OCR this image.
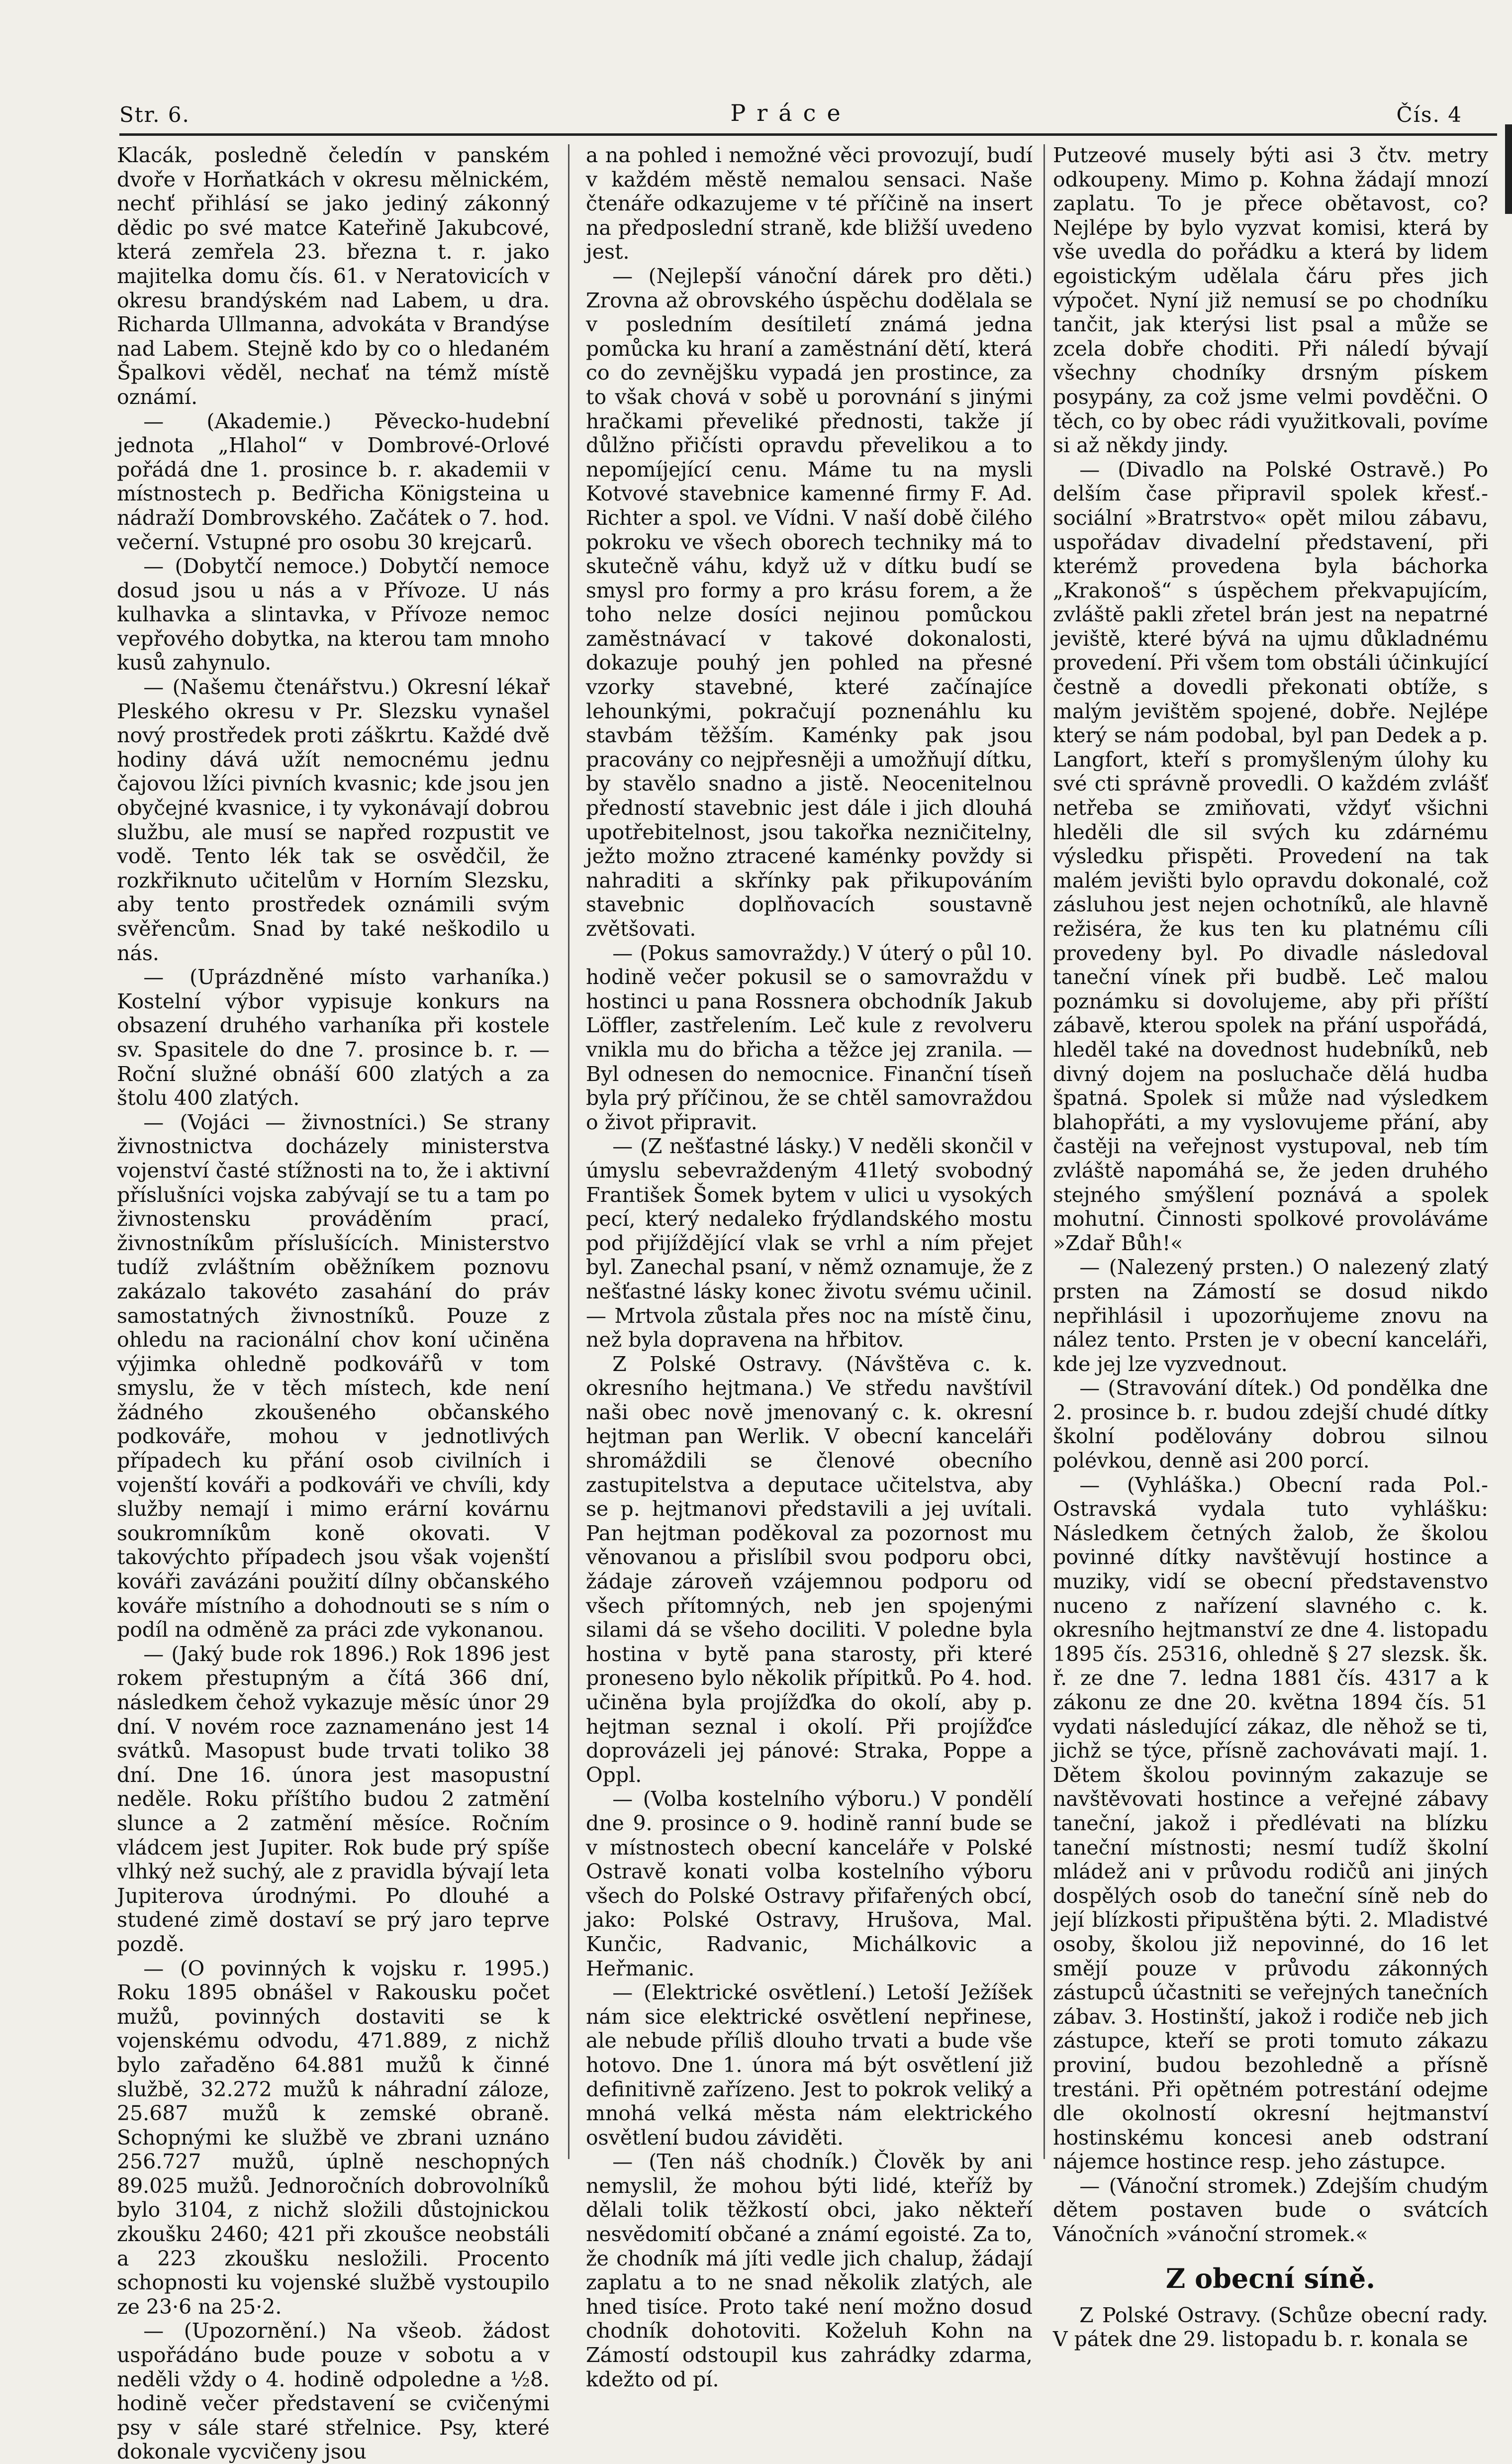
Str. 6.	Práce	Čís. 4

Klacák, posledně čeledín v panském dvoře v Horňatkách v okresu mělnickém, nechť přihlásí se jako jediný zákonný dědic po své matce Kateřině Jakubcové, která zemřela 23. března t. r. jako majitelka domu čís. 61. v Neratovicích v okresu brandýském nad Labem, u dra. Richarda Ullmanna, advokáta v Brandýse nad Labem. Stejně kdo by co o hledaném Špalkovi věděl, nechať na témž místě oznámí.

— (Akademie.) Pěvecko-hudební jednota „Hlahol“ v Dombrové-Orlové pořádá dne 1. prosince b. r. akademii v místnostech p. Bedřicha Königsteina u nádraží Dombrovského. Začátek o 7. hod. večerní. Vstupné pro osobu 30 krejcarů.

— (Dobytčí nemoce.) Dobytčí nemoce dosud jsou u nás a v Přívoze. U nás kulhavka a slintavka, v Přívoze nemoc vepřového dobytka, na kterou tam mnoho kusů zahynulo.

— (Našemu čtenářstvu.) Okresní lékař Pleského okresu v Pr. Slezsku vynašel nový prostředek proti záškrtu. Každé dvě hodiny dává užít nemocnému jednu čajovou lžíci pivních kvasnic; kde jsou jen obyčejné kvasnice, i ty vykonávají dobrou službu, ale musí se napřed rozpustit ve vodě. Tento lék tak se osvědčil, že rozkřiknuto učitelům v Horním Slezsku, aby tento prostředek oznámili svým svěřencům. Snad by také neškodilo u nás.

— (Uprázdněné místo varhaníka.) Kostelní výbor vypisuje konkurs na obsazení druhého varhaníka při kostele sv. Spasitele do dne 7. prosince b. r. — Roční služné obnáší 600 zlatých a za štolu 400 zlatých.

— (Vojáci — živnostníci.) Se strany živnostnictva docházely ministerstva vojenství časté stížnosti na to, že i aktivní příslušníci vojska zabývají se tu a tam po živnostensku prováděním prací, živnostníkům příslušících. Ministerstvo tudíž zvláštním oběžníkem poznovu zakázalo takovéto zasahání do práv samostatných živnostníků. Pouze z ohledu na racionální chov koní učiněna výjimka ohledně podkovářů v tom smyslu, že v těch místech, kde není žádného zkoušeného občanského podkováře, mohou v jednotlivých případech ku přání osob civilních i vojenští kováři a podkováři ve chvíli, kdy služby nemají i mimo erární kovárnu soukromníkům koně okovati. V takovýchto případech jsou však vojenští kováři zavázáni použití dílny občanského kováře místního a dohodnouti se s ním o podíl na odměně za práci zde vykonanou.

— (Jaký bude rok 1896.) Rok 1896 jest rokem přestupným a čítá 366 dní, následkem čehož vykazuje měsíc únor 29 dní. V novém roce zaznamenáno jest 14 svátků. Masopust bude trvati toliko 38 dní. Dne 16. února jest masopustní neděle. Roku příštího budou 2 zatmění slunce a 2 zatmění měsíce. Ročním vládcem jest Jupiter. Rok bude prý spíše vlhký než suchý, ale z pravidla bývají leta Jupiterova úrodnými. Po dlouhé a studené zimě dostaví se prý jaro teprve pozdě.

— (O povinných k vojsku r. 1995.) Roku 1895 obnášel v Rakousku počet mužů, povinných dostaviti se k vojenskému odvodu, 471.889, z nichž bylo zařaděno 64.881 mužů k činné službě, 32.272 mužů k náhradní záloze, 25.687 mužů k zemské obraně. Schopnými ke službě ve zbrani uznáno 256.727 mužů, úplně neschopných 89.025 mužů. Jednoročních dobrovolníků bylo 3104, z nichž složili důstojnickou zkoušku 2460; 421 při zkoušce neobstáli a 223 zkoušku nesložili. Procento schopnosti ku vojenské službě vystoupilo ze 23·6 na 25·2.

— (Upozornění.) Na všeob. žádost uspořádáno bude pouze v sobotu a v neděli vždy o 4. hodině odpoledne a ½8. hodině večer představení se cvičenými psy v sále staré střelnice. Psy, které dokonale vycvičeny jsou

a na pohled i nemožné věci provozují, budí v každém městě nemalou sensaci. Naše čtenáře odkazujeme v té příčině na insert na předposlední straně, kde bližší uvedeno jest.

— (Nejlepší vánoční dárek pro děti.) Zrovna až obrovského úspěchu dodělala se v posledním desítiletí známá jedna pomůcka ku hraní a zaměstnání dětí, která co do zevnějšku vypadá jen prostince, za to však chová v sobě u porovnání s jinými hračkami převeliké přednosti, takže jí důlžno přičísti opravdu převelikou a to nepomíjející cenu. Máme tu na mysli Kotvové stavebnice kamenné firmy F. Ad. Richter a spol. ve Vídni. V naší době čilého pokroku ve všech oborech techniky má to skutečně váhu, když už v dítku budí se smysl pro formy a pro krásu forem, a že toho nelze dosíci nejinou pomůckou zaměstnávací v takové dokonalosti, dokazuje pouhý jen pohled na přesné vzorky stavebné, které začínajíce lehounkými, pokračují poznenáhlu ku stavbám těžším. Kaménky pak jsou pracovány co nejpřesněji a umožňují dítku, by stavělo snadno a jistě. Neocenitelnou předností stavebnic jest dále i jich dlouhá upotřebitelnost, jsou takořka nezničitelny, ježto možno ztracené kaménky povždy si nahraditi a skřínky pak přikupováním stavebnic doplňovacích soustavně zvětšovati.

— (Pokus samovraždy.) V úterý o půl 10. hodině večer pokusil se o samovraždu v hostinci u pana Rossnera obchodník Jakub Löffler, zastřelením. Leč kule z revolveru vnikla mu do břicha a těžce jej zranila. — Byl odnesen do nemocnice. Finanční tíseň byla prý příčinou, že se chtěl samovraždou o život připravit.

— (Z nešťastné lásky.) V neděli skončil v úmyslu sebevraždeným 41letý svobodný František Šomek bytem v ulici u vysokých pecí, který nedaleko frýdlandského mostu pod přijíždějící vlak se vrhl a ním přejet byl. Zanechal psaní, v němž oznamuje, že z nešťastné lásky konec životu svému učinil. — Mrtvola zůstala přes noc na místě činu, než byla dopravena na hřbitov.

Z Polské Ostravy. (Návštěva c. k. okresního hejtmana.) Ve středu navštívil naši obec nově jmenovaný c. k. okresní hejtman pan Werlik. V obecní kanceláři shromáždili se členové obecního zastupitelstva a deputace učitelstva, aby se p. hejtmanovi představili a jej uvítali. Pan hejtman poděkoval za pozornost mu věnovanou a přislíbil svou podporu obci, žádaje zároveň vzájemnou podporu od všech přítomných, neb jen spojenými silami dá se všeho dociliti. V poledne byla hostina v bytě pana starosty, při které proneseno bylo několik přípitků. Po 4. hod. učiněna byla projížďka do okolí, aby p. hejtman seznal i okolí. Při projížďce doprovázeli jej pánové: Straka, Poppe a Oppl.

— (Volba kostelního výboru.) V pondělí dne 9. prosince o 9. hodině ranní bude se v místnostech obecní kanceláře v Polské Ostravě konati volba kostelního výboru všech do Polské Ostravy přifařených obcí, jako: Polské Ostravy, Hrušova, Mal. Kunčic, Radvanic, Michálkovic a Heřmanic.

— (Elektrické osvětlení.) Letoší Ježíšek nám sice elektrické osvětlení nepřinese, ale nebude příliš dlouho trvati a bude vše hotovo. Dne 1. února má být osvětlení již definitivně zařízeno. Jest to pokrok veliký a mnohá velká města nám elektrického osvětlení budou záviděti.

— (Ten náš chodník.) Člověk by ani nemyslil, že mohou býti lidé, kteříž by dělali tolik těžkostí obci, jako někteří nesvědomití občané a známí egoisté. Za to, že chodník má jíti vedle jich chalup, žádají zaplatu a to ne snad několik zlatých, ale hned tisíce. Proto také není možno dosud chodník dohotoviti. Koželuh Kohn na Zámostí odstoupil kus zahrádky zdarma, kdežto od pí.

Putzeové musely býti asi 3 čtv. metry odkoupeny. Mimo p. Kohna žádají mnozí zaplatu. To je přece obětavost, co? Nejlépe by bylo vyzvat komisi, která by vše uvedla do pořádku a která by lidem egoistickým udělala čáru přes jich výpočet. Nyní již nemusí se po chodníku tančit, jak kterýsi list psal a může se zcela dobře choditi. Při náledí bývají všechny chodníky drsným pískem posypány, za což jsme velmi povděčni. O těch, co by obec rádi využitkovali, povíme si až někdy jindy.

— (Divadlo na Polské Ostravě.) Po delším čase připravil spolek křesť.-sociální »Bratrstvo« opět milou zábavu, uspořádav divadelní představení, při kterémž provedena byla báchorka „Krakonoš“ s úspěchem překvapujícím, zvláště pakli zřetel brán jest na nepatrné jeviště, které bývá na ujmu důkladnému provedení. Při všem tom obstáli účinkující čestně a dovedli překonati obtíže, s malým jevištěm spojené, dobře. Nejlépe který se nám podobal, byl pan Dedek a p. Langfort, kteří s promyšleným úlohy ku své cti správně provedli. O každém zvlášť netřeba se zmiňovati, vždyť všichni hleděli dle sil svých ku zdárnému výsledku přispěti. Provedení na tak malém jevišti bylo opravdu dokonalé, což zásluhou jest nejen ochotníků, ale hlavně režiséra, že kus ten ku platnému cíli provedeny byl. Po divadle následoval taneční vínek při budbě. Leč malou poznámku si dovolujeme, aby při příští zábavě, kterou spolek na přání uspořádá, hleděl také na dovednost hudebníků, neb divný dojem na posluchače dělá hudba špatná. Spolek si může nad výsledkem blahopřáti, a my vyslovujeme přání, aby častěji na veřejnost vystupoval, neb tím zvláště napomáhá se, že jeden druhého stejného smýšlení poznává a spolek mohutní. Činnosti spolkové provoláváme »Zdař Bůh!«

— (Nalezený prsten.) O nalezený zlatý prsten na Zámostí se dosud nikdo nepřihlásil i upozorňujeme znovu na nález tento. Prsten je v obecní kanceláři, kde jej lze vyzvednout.

— (Stravování dítek.) Od pondělka dne 2. prosince b. r. budou zdejší chudé dítky školní podělovány dobrou silnou polévkou, denně asi 200 porcí.

— (Vyhláška.) Obecní rada Pol.-Ostravská vydala tuto vyhlášku: Následkem četných žalob, že školou povinné dítky navštěvují hostince a muziky, vidí se obecní představenstvo nuceno z nařízení slavného c. k. okresního hejtmanství ze dne 4. listopadu 1895 čís. 25316, ohledně § 27 slezsk. šk. ř. ze dne 7. ledna 1881 čís. 4317 a k zákonu ze dne 20. května 1894 čís. 51 vydati následující zákaz, dle něhož se ti, jichž se týce, přísně zachovávati mají. 1. Dětem školou povinným zakazuje se navštěvovati hostince a veřejné zábavy taneční, jakož i předlévati na blízku taneční místnosti; nesmí tudíž školní mládež ani v průvodu rodičů ani jiných dospělých osob do taneční síně neb do její blízkosti připuštěna býti. 2. Mladistvé osoby, školou již nepovinné, do 16 let smějí pouze v průvodu zákonných zástupců účastniti se veřejných tanečních zábav. 3. Hostinští, jakož i rodiče neb jich zástupce, kteří se proti tomuto zákazu proviní, budou bezohledně a přísně trestáni. Při opětném potrestání odejme dle okolností okresní hejtmanství hostinskému koncesi aneb odstraní nájemce hostince resp. jeho zástupce.

— (Vánoční stromek.) Zdejším chudým dětem postaven bude o svátcích Vánočních »vánoční stromek.«

Z obecní síně.

Z Polské Ostravy. (Schůze obecní rady. V pátek dne 29. listopadu b. r. konala se
